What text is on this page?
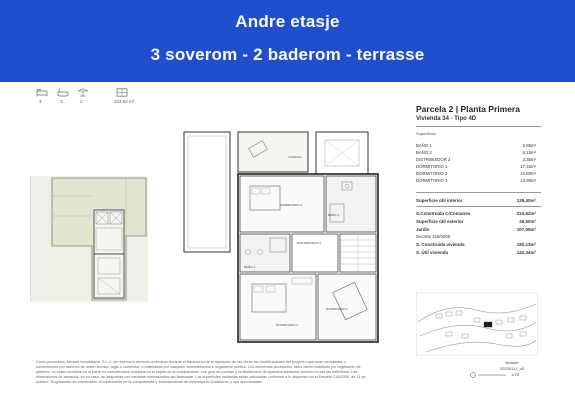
Andre etasje
3 soverom - 2 baderom - terrasse
3	3	2	224,62 m²
TERRAZA
DORMITORIO 3
BAÑO 2
BAÑO 1
DISTRIBUIDOR 2
DORMITORIO 1
DORMITORIO 2
Parcela 2 | Planta Primera
Vivienda 34 - Tipo 4D
Superficies
BAÑO 1	5.85m²
BAÑO 2	6.15m²
DISTRIBUIDOR 2	3.35m²
DORMITORIO 1	17.45m²
DORMITORIO 2	10.80m²
DORMITORIO 3	13.90m²
Superficie útil interior	129,40m²
S.Construida C/Comunes	224,62m²
Superficie útil exterior	45,50m²
Jardín	107,05m²
Decreto 218/2005
S. Construida vivienda	180,13m²
S. Útil vivienda	142,34m²
Como promotora, Arrowai Inmobiliaria, S.L.U. se reserva el derecho a efectuar durante el transcurso de la ejecución de las obras las modificaciones del proyecto que sean necesarias o convenientes por razones de orden técnico, legal o comercial, o ordenadas por cualquier administración u organismo público. Los elementos accesorios, tales como mobiliario y/o vegetación de jardines, no están incluidos en la parte no considerados incluidos en el objeto de la compraventa. Los gros de puertas y la distribución de aparatos sanitarios pueden no ser los definitivos. Las dimensiones de armarios, en su caso, se adaptarán con medidas normalizadas del fabricante. Las superficies indicadas están calculadas conforme a lo dispuesto en el Decreto 218/2005, de 11 de octubre, Reglamento de Información al consumidor en la compraventa y arrendamiento de viviendas en Andalucía, y son aproximadas.
Versión
20230112_v3
1/75
